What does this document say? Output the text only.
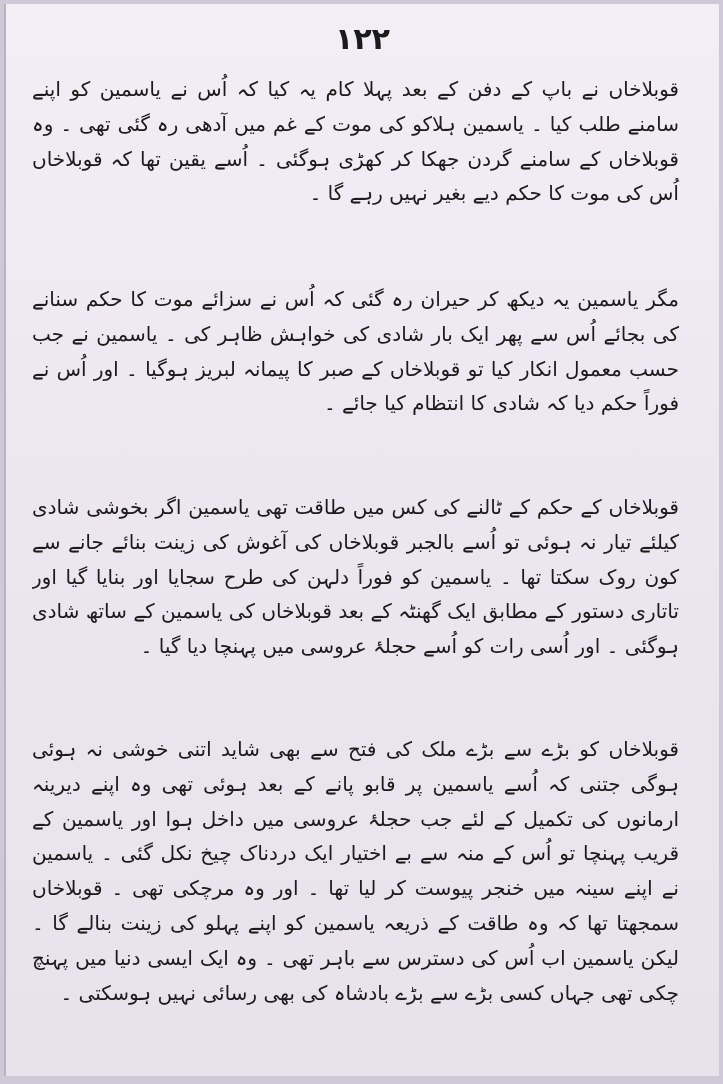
۱۲۲

قوبلاخاں نے باپ کے دفن کے بعد پہلا کام یہ کیا کہ اُس نے یاسمین کو اپنے سامنے طلب کیا ۔ یاسمین ہلاکو کی موت کے غم میں آدھی رہ گئی تھی ۔ وہ قوبلاخاں کے سامنے گردن جھکا کر کھڑی ہوگئی ۔ اُسے یقین تھا کہ قوبلاخاں اُس کی موت کا حکم دیے بغیر نہیں رہے گا ۔

مگر یاسمین یہ دیکھ کر حیران رہ گئی کہ اُس نے سزائے موت کا حکم سنانے کی بجائے اُس سے پھر ایک بار شادی کی خواہش ظاہر کی ۔ یاسمین نے جب حسب معمول انکار کیا تو قوبلاخاں کے صبر کا پیمانہ لبریز ہوگیا ۔ اور اُس نے فوراً حکم دیا کہ شادی کا انتظام کیا جائے ۔

قوبلاخاں کے حکم کے ٹالنے کی کس میں طاقت تھی یاسمین اگر بخوشی شادی کیلئے تیار نہ ہوئی تو اُسے بالجبر قوبلاخاں کی آغوش کی زینت بنائے جانے سے کون روک سکتا تھا ۔ یاسمین کو فوراً دلہن کی طرح سجایا اور بنایا گیا اور تاتاری دستور کے مطابق ایک گھنٹہ کے بعد قوبلاخاں کی یاسمین کے ساتھ شادی ہوگئی ۔ اور اُسی رات کو اُسے حجلۂ عروسی میں پہنچا دیا گیا ۔

قوبلاخاں کو بڑے سے بڑے ملک کی فتح سے بھی شاید اتنی خوشی نہ ہوئی ہوگی جتنی کہ اُسے یاسمین پر قابو پانے کے بعد ہوئی تھی وہ اپنے دیرینہ ارمانوں کی تکمیل کے لئے جب حجلۂ عروسی میں داخل ہوا اور یاسمین کے قریب پہنچا تو اُس کے منہ سے بے اختیار ایک دردناک چیخ نکل گئی ۔ یاسمین نے اپنے سینہ میں خنجر پیوست کر لیا تھا ۔ اور وہ مرچکی تھی ۔ قوبلاخاں سمجھتا تھا کہ وہ طاقت کے ذریعہ یاسمین کو اپنے پہلو کی زینت بنالے گا ۔ لیکن یاسمین اب اُس کی دسترس سے باہر تھی ۔ وہ ایک ایسی دنیا میں پہنچ چکی تھی جہاں کسی بڑے سے بڑے بادشاہ کی بھی رسائی نہیں ہوسکتی ۔
